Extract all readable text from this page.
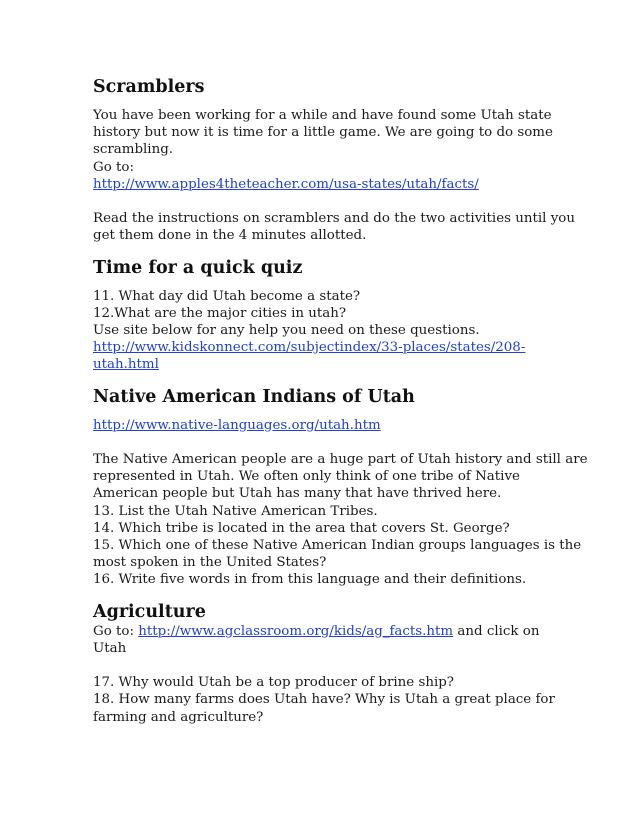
Scramblers

You have been working for a while and have found some Utah state
history but now it is time for a little game. We are going to do some
scrambling.
Go to:
http://www.apples4theteacher.com/usa-states/utah/facts/

Read the instructions on scramblers and do the two activities until you
get them done in the 4 minutes allotted.

Time for a quick quiz

11. What day did Utah become a state?
12.What are the major cities in utah?
Use site below for any help you need on these questions.
http://www.kidskonnect.com/subjectindex/33-places/states/208-
utah.html

Native American Indians of Utah

http://www.native-languages.org/utah.htm

The Native American people are a huge part of Utah history and still are
represented in Utah. We often only think of one tribe of Native
American people but Utah has many that have thrived here.
13. List the Utah Native American Tribes.
14. Which tribe is located in the area that covers St. George?
15. Which one of these Native American Indian groups languages is the
most spoken in the United States?
16. Write five words in from this language and their definitions.

Agriculture

Go to: http://www.agclassroom.org/kids/ag_facts.htm and click on
Utah

17. Why would Utah be a top producer of brine ship?
18. How many farms does Utah have? Why is Utah a great place for
farming and agriculture?
